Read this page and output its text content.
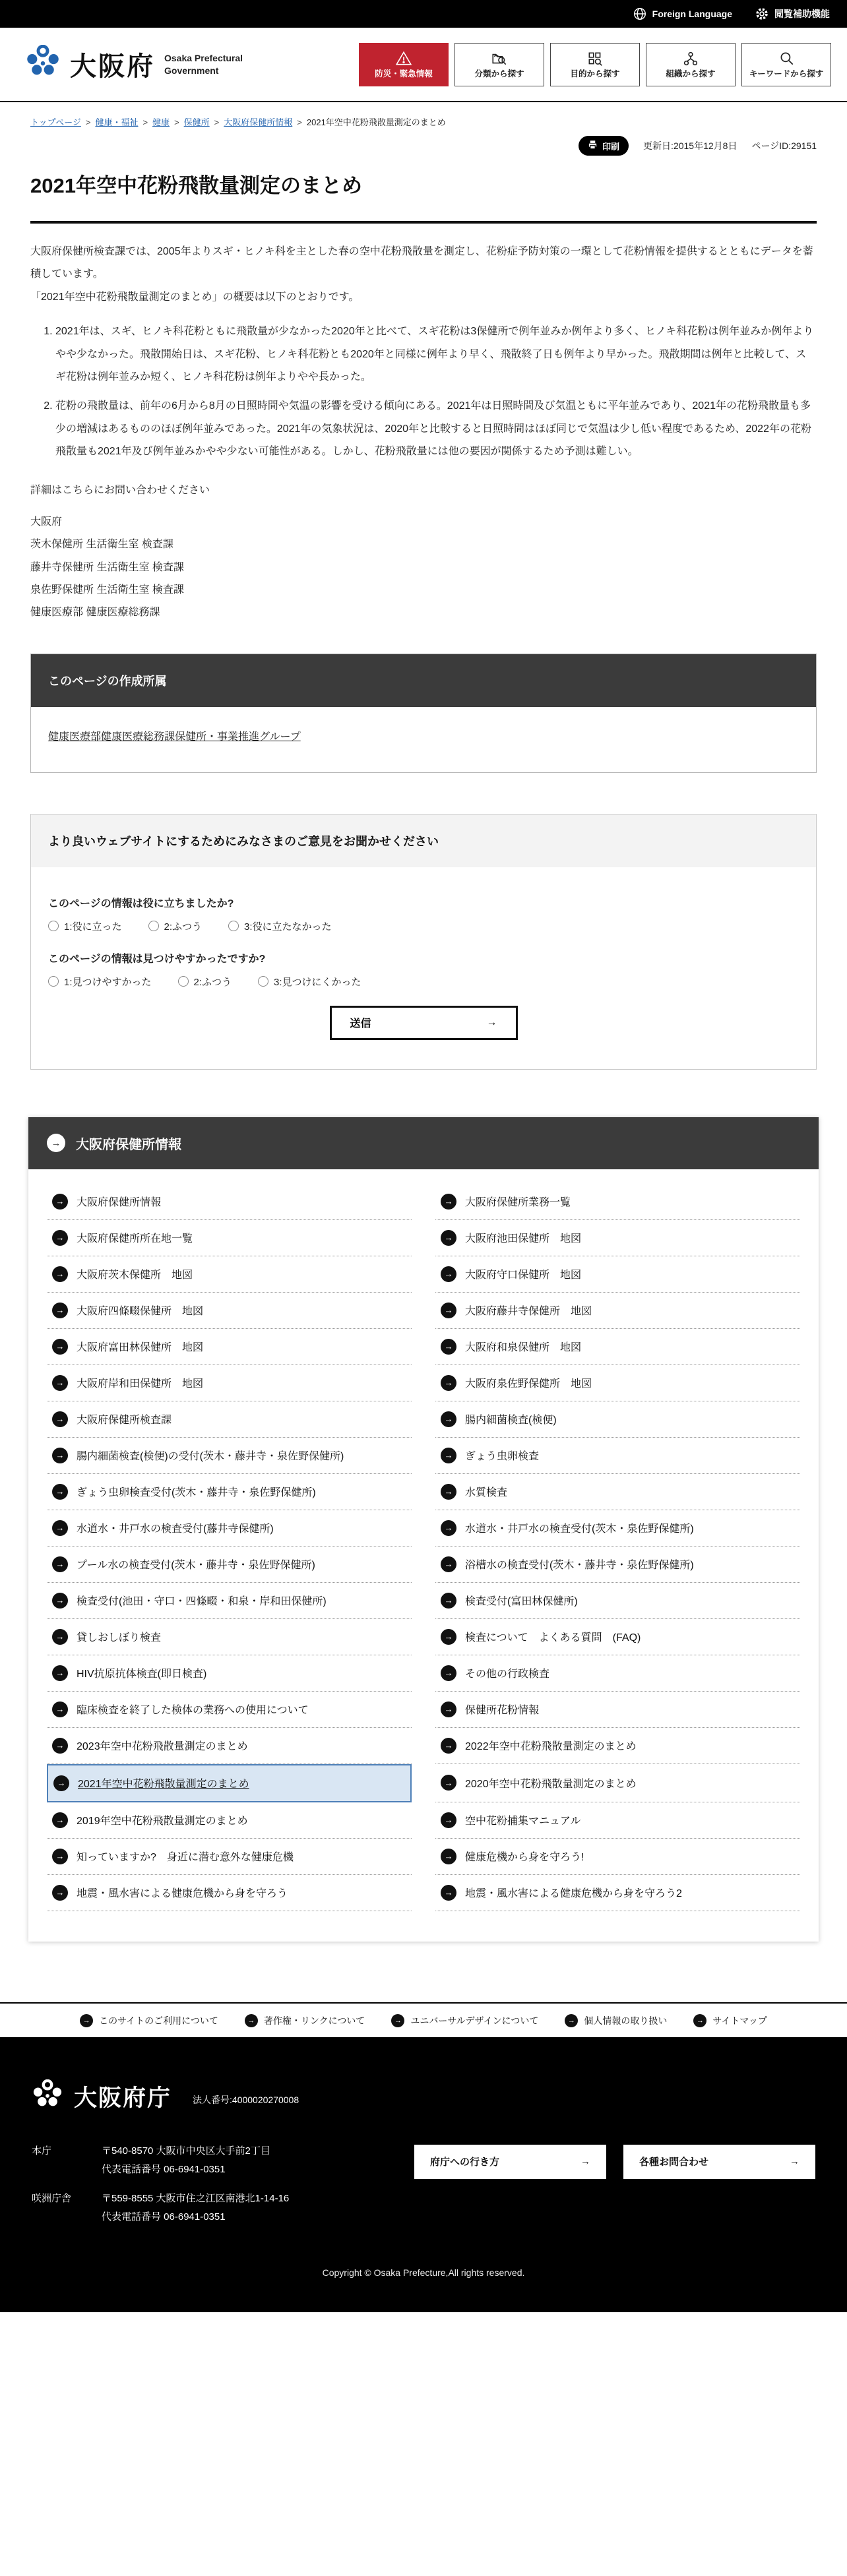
Foreign Language	閲覧補助機能
大阪府 Osaka Prefectural
Government	防災・緊急情報	分類から探す	目的から探す	組織から探す	キーワードから探す
トップページ > 健康・福祉 > 健康 > 保健所 > 大阪府保健所情報 > 2021年空中花粉飛散量測定のまとめ
印刷	更新日:2015年12月8日 ページID:29151
2021年空中花粉飛散量測定のまとめ

大阪府保健所検査課では、2005年よりスギ・ヒノキ科を主とした春の空中花粉飛散量を測定し、花粉症予防対策の一環として花粉情報を提供するとともにデータを蓄積しています。

「2021年空中花粉飛散量測定のまとめ」の概要は以下のとおりです。

1. 2021年は、スギ、ヒノキ科花粉ともに飛散量が少なかった2020年と比べて、スギ花粉は3保健所で例年並みか例年より多く、ヒノキ科花粉は例年並みか例年よりやや少なかった。飛散開始日は、スギ花粉、ヒノキ科花粉とも2020年と同様に例年より早く、飛散終了日も例年より早かった。飛散期間は例年と比較して、スギ花粉は例年並みか短く、ヒノキ科花粉は例年よりやや長かった。
2. 花粉の飛散量は、前年の6月から8月の日照時間や気温の影響を受ける傾向にある。2021年は日照時間及び気温ともに平年並みであり、2021年の花粉飛散量も多少の増減はあるもののほぼ例年並みであった。2021年の気象状況は、2020年と比較すると日照時間はほぼ同じで気温は少し低い程度であるため、2022年の花粉飛散量も2021年及び例年並みかやや少ない可能性がある。しかし、花粉飛散量には他の要因が関係するため予測は難しい。

詳細はこちらにお問い合わせください

大阪府

茨木保健所 生活衛生室 検査課

藤井寺保健所 生活衛生室 検査課

泉佐野保健所 生活衛生室 検査課

健康医療部 健康医療総務課

このページの作成所属
健康医療部健康医療総務課保健所・事業推進グループ
より良いウェブサイトにするためにみなさまのご意見をお聞かせください
このページの情報は役に立ちましたか?
1:役に立った	2:ふつう	3:役に立たなかった
このページの情報は見つけやすかったですか?
1:見つけやすかった	2:ふつう	3:見つけにくかった
送信	→
→	大阪府保健所情報
→	大阪府保健所情報	→	大阪府保健所業務一覧
→	大阪府保健所所在地一覧	→	大阪府池田保健所　地図
→	大阪府茨木保健所　地図	→	大阪府守口保健所　地図
→	大阪府四條畷保健所　地図	→	大阪府藤井寺保健所　地図
→	大阪府富田林保健所　地図	→	大阪府和泉保健所　地図
→	大阪府岸和田保健所　地図	→	大阪府泉佐野保健所　地図
→	大阪府保健所検査課	→	腸内細菌検査(検便)
→	腸内細菌検査(検便)の受付(茨木・藤井寺・泉佐野保健所)	→	ぎょう虫卵検査
→	ぎょう虫卵検査受付(茨木・藤井寺・泉佐野保健所)	→	水質検査
→	水道水・井戸水の検査受付(藤井寺保健所)	→	水道水・井戸水の検査受付(茨木・泉佐野保健所)
→	プール水の検査受付(茨木・藤井寺・泉佐野保健所)	→	浴槽水の検査受付(茨木・藤井寺・泉佐野保健所)
→	検査受付(池田・守口・四條畷・和泉・岸和田保健所)	→	検査受付(富田林保健所)
→	貸しおしぼり検査	→	検査について　よくある質問　(FAQ)
→	HIV抗原抗体検査(即日検査)	→	その他の行政検査
→	臨床検査を終了した検体の業務への使用について	→	保健所花粉情報
→	2023年空中花粉飛散量測定のまとめ	→	2022年空中花粉飛散量測定のまとめ
→	2021年空中花粉飛散量測定のまとめ	→	2020年空中花粉飛散量測定のまとめ
→	2019年空中花粉飛散量測定のまとめ	→	空中花粉捕集マニュアル
→	知っていますか?　身近に潜む意外な健康危機	→	健康危機から身を守ろう!
→	地震・風水害による健康危機から身を守ろう	→	地震・風水害による健康危機から身を守ろう2
→ このサイトのご利用について	→ 著作権・リンクについて	→ ユニバーサルデザインについて	→ 個人情報の取り扱い	→ サイトマップ
大阪府庁 法人番号:4000020270008
本庁	〒540-8570 大阪市中央区大手前2丁目
代表電話番号 06-6941-0351
咲洲庁舎	〒559-8555 大阪市住之江区南港北1-14-16
代表電話番号 06-6941-0351
府庁への行き方	→	各種お問合わせ	→
Copyright © Osaka Prefecture,All rights reserved.
